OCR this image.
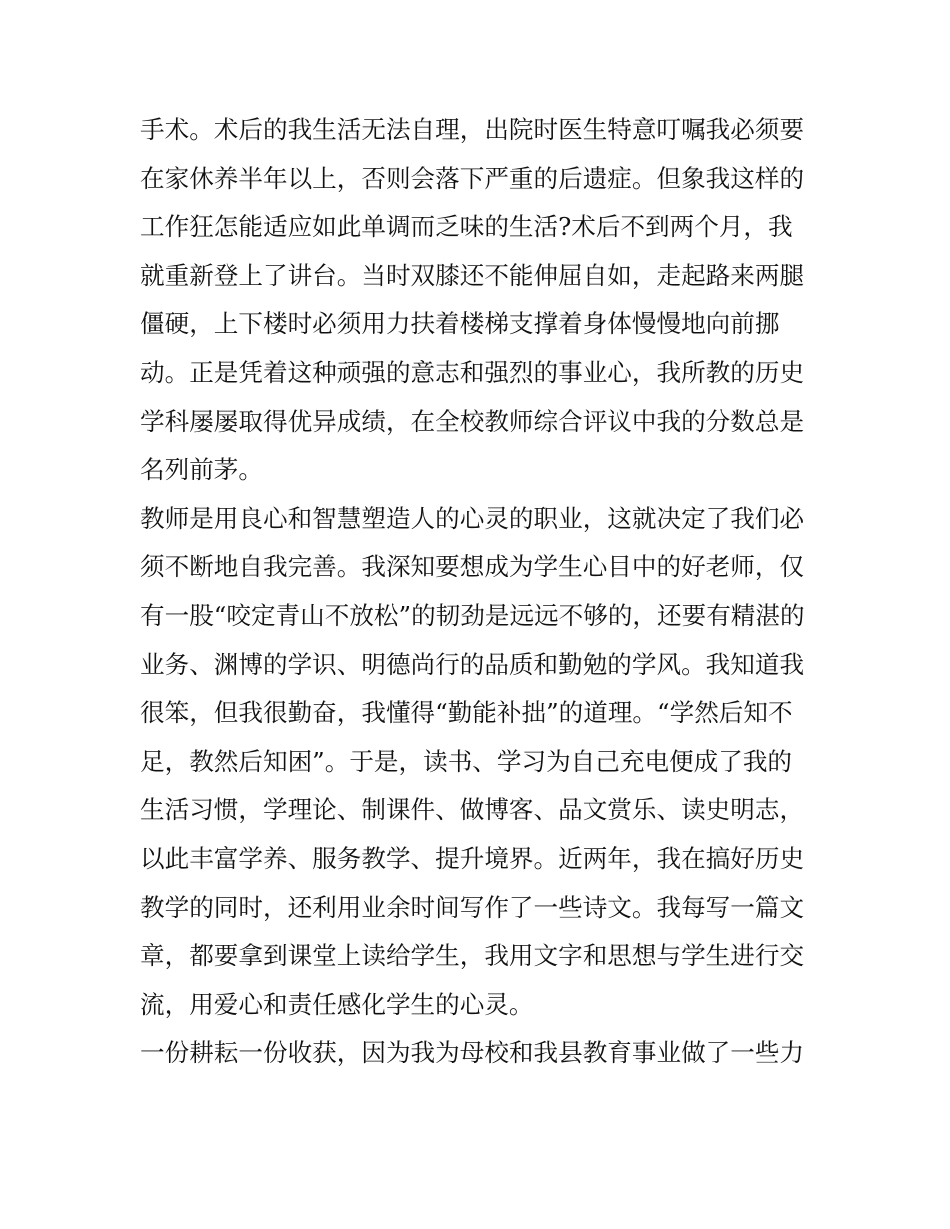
手术。术后的我生活无法自理，出院时医生特意叮嘱我必须要
在家休养半年以上，否则会落下严重的后遗症。但象我这样的
工作狂怎能适应如此单调而乏味的生活?术后不到两个月，我
就重新登上了讲台。当时双膝还不能伸屈自如，走起路来两腿
僵硬，上下楼时必须用力扶着楼梯支撑着身体慢慢地向前挪
动。正是凭着这种顽强的意志和强烈的事业心，我所教的历史
学科屡屡取得优异成绩，在全校教师综合评议中我的分数总是
名列前茅。
教师是用良心和智慧塑造人的心灵的职业，这就决定了我们必
须不断地自我完善。我深知要想成为学生心目中的好老师，仅
有一股“咬定青山不放松”的韧劲是远远不够的，还要有精湛的
业务、渊博的学识、明德尚行的品质和勤勉的学风。我知道我
很笨，但我很勤奋，我懂得“勤能补拙”的道理。“学然后知不
足，教然后知困”。于是，读书、学习为自己充电便成了我的
生活习惯，学理论、制课件、做博客、品文赏乐、读史明志，
以此丰富学养、服务教学、提升境界。近两年，我在搞好历史
教学的同时，还利用业余时间写作了一些诗文。我每写一篇文
章，都要拿到课堂上读给学生，我用文字和思想与学生进行交
流，用爱心和责任感化学生的心灵。
一份耕耘一份收获，因为我为母校和我县教育事业做了一些力
